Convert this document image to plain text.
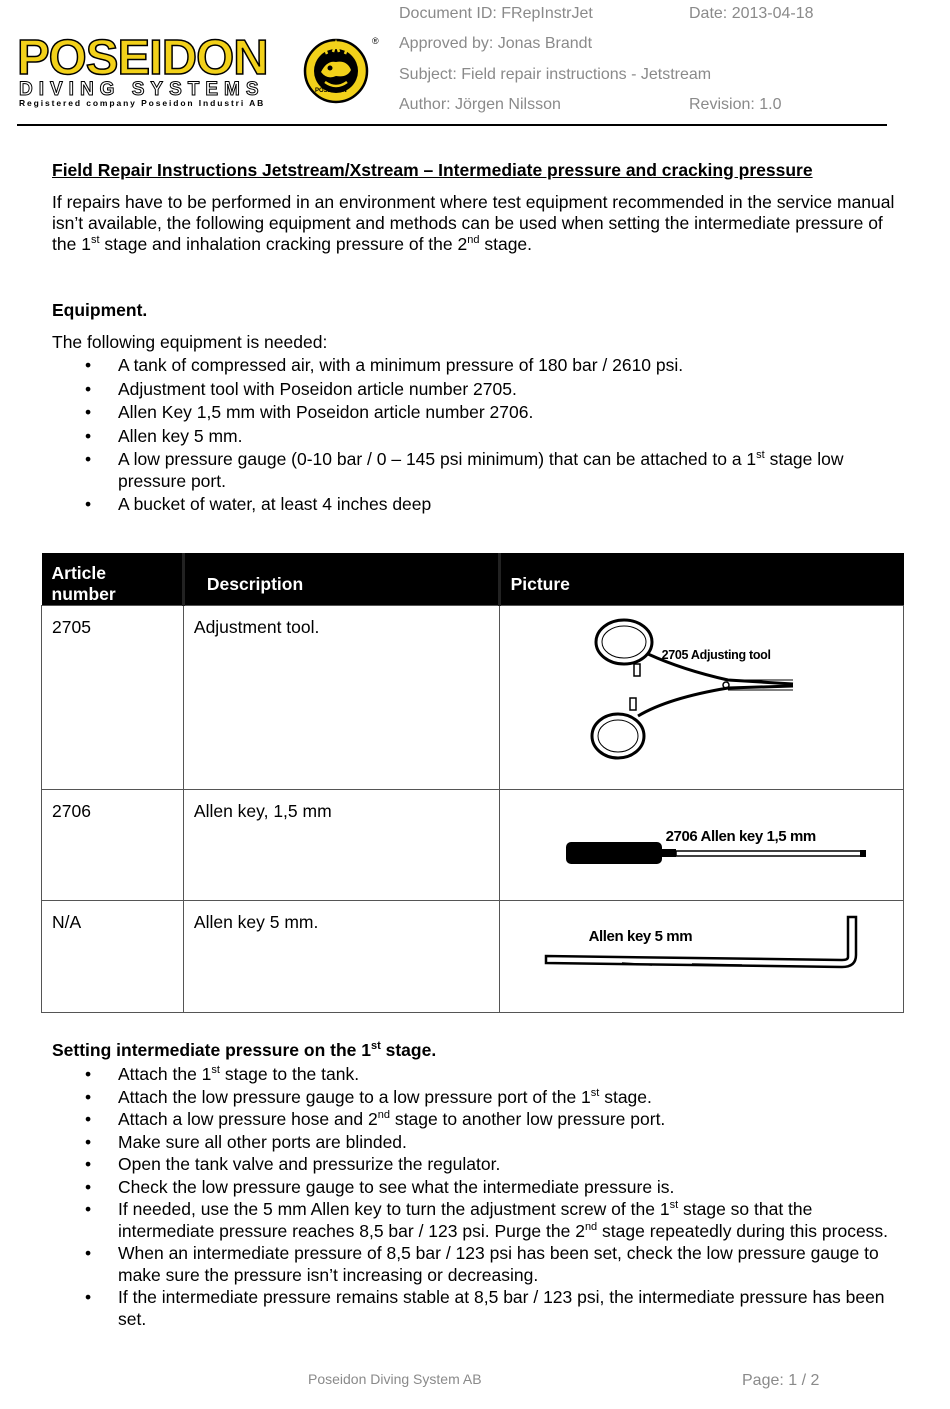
POSEIDON
DIVING SYSTEMS
Registered company Poseidon Industri AB
POSEIDON
®
Document ID: FRepInstrJet	Date: 2013-04-18
Approved by: Jonas Brandt
Subject: Field repair instructions - Jetstream
Author: Jörgen Nilsson	Revision: 1.0
Field Repair Instructions Jetstream/Xstream – Intermediate pressure and cracking pressure
If repairs have to be performed in an environment where test equipment recommended in the service manual isn’t available, the following equipment and methods can be used when setting the intermediate pressure of the 1st stage and inhalation cracking pressure of the 2nd stage.
Equipment.
The following equipment is needed:
• A tank of compressed air, with a minimum pressure of 180 bar / 2610 psi.
• Adjustment tool with Poseidon article number 2705.
• Allen Key 1,5 mm with Poseidon article number 2706.
• Allen key 5 mm.
• A low pressure gauge (0-10 bar / 0 – 145 psi minimum) that can be attached to a 1st stage low pressure port.
• A bucket of water, at least 4 inches deep
Article number	Description	Picture
2705	Adjustment tool.	2705 Adjusting tool

2706	Allen key, 1,5 mm	2706 Allen key 1,5 mm

N/A	Allen key 5 mm.	Allen key 5 mm
Setting intermediate pressure on the 1st stage.
• Attach the 1st stage to the tank.
• Attach the low pressure gauge to a low pressure port of the 1st stage.
• Attach a low pressure hose and 2nd stage to another low pressure port.
• Make sure all other ports are blinded.
• Open the tank valve and pressurize the regulator.
• Check the low pressure gauge to see what the intermediate pressure is.
• If needed, use the 5 mm Allen key to turn the adjustment screw of the 1st stage so that the intermediate pressure reaches 8,5 bar / 123 psi. Purge the 2nd stage repeatedly during this process.
• When an intermediate pressure of 8,5 bar / 123 psi has been set, check the low pressure gauge to make sure the pressure isn’t increasing or decreasing.
• If the intermediate pressure remains stable at 8,5 bar / 123 psi, the intermediate pressure has been set.
Poseidon Diving System AB	Page: 1 / 2
